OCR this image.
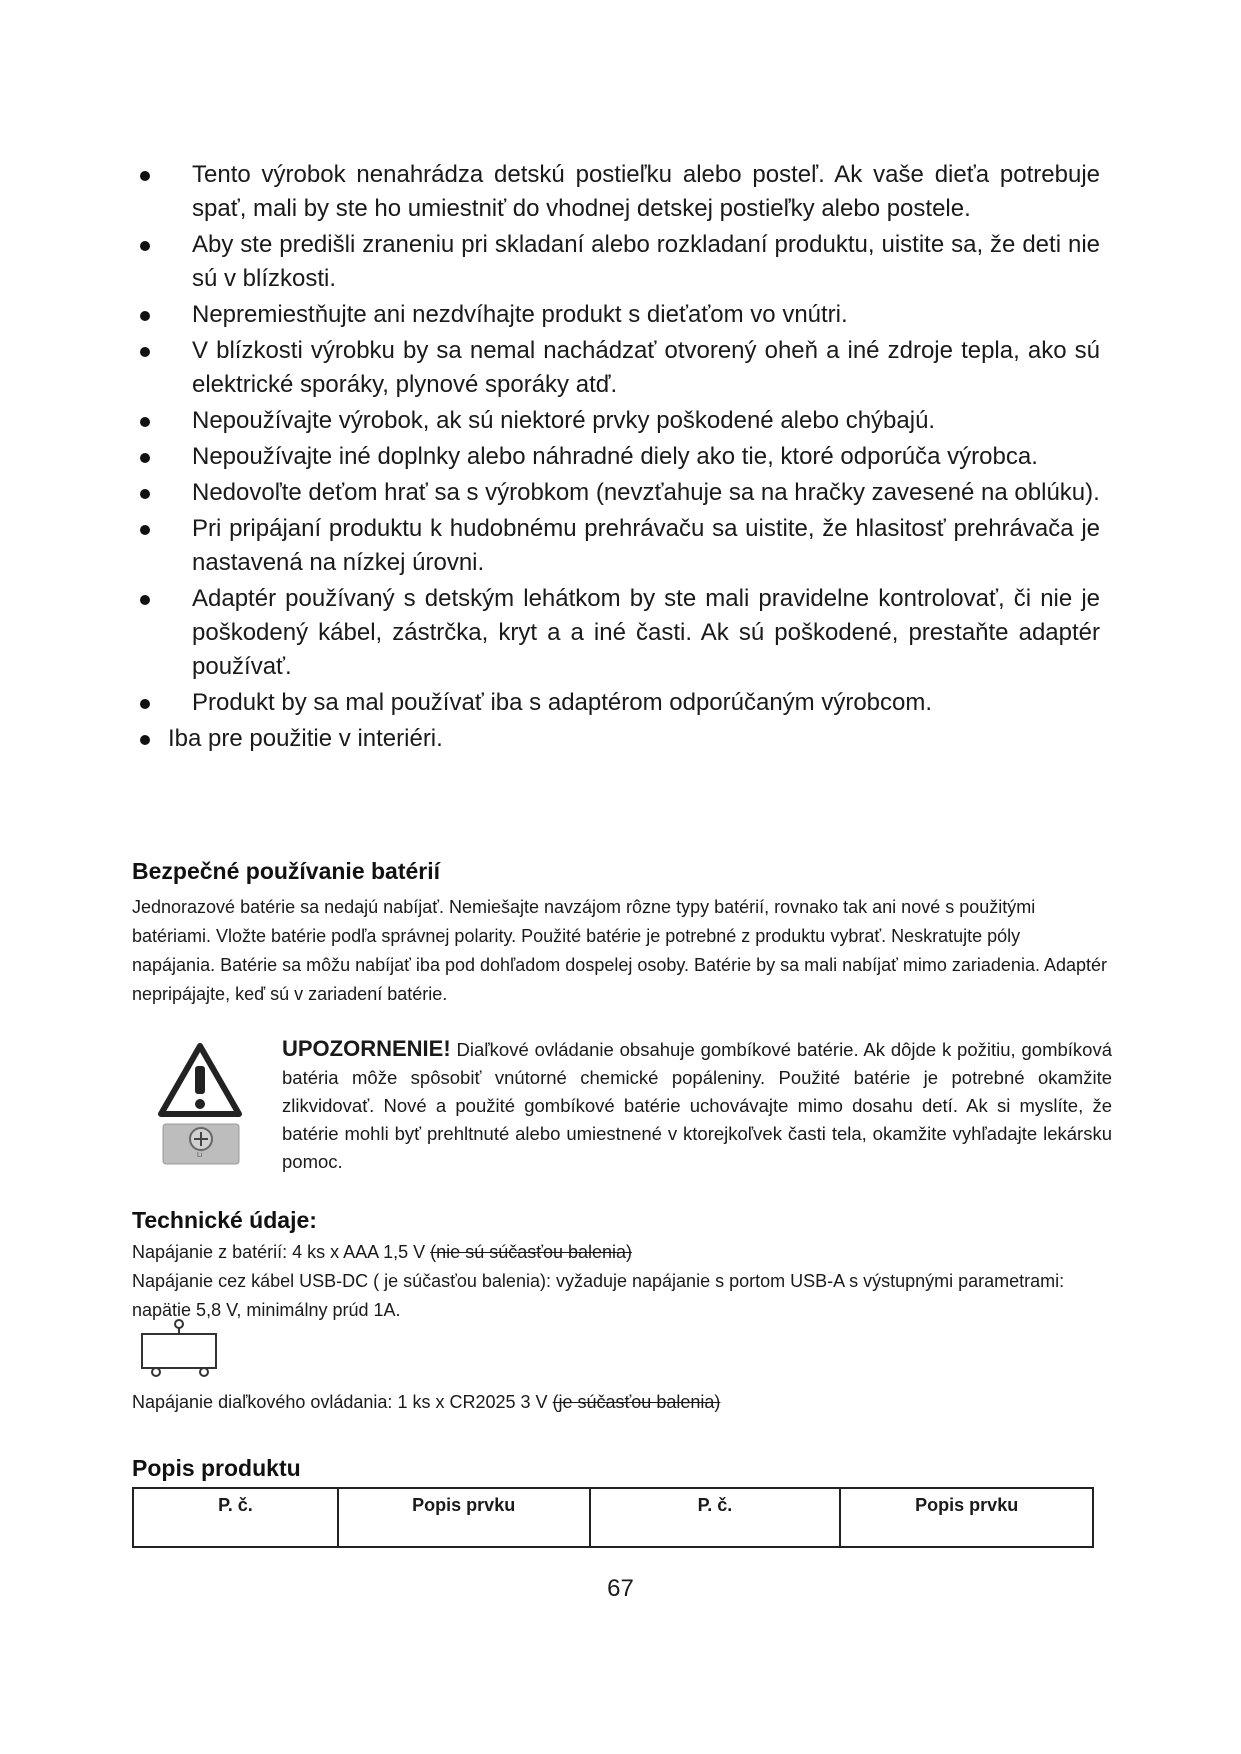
Tento výrobok nenahrádza detskú postieľku alebo posteľ. Ak vaše dieťa potrebuje spať, mali by ste ho umiestniť do vhodnej detskej postieľky alebo postele.
Aby ste predišli zraneniu pri skladaní alebo rozkladaní produktu, uistite sa, že deti nie sú v blízkosti.
Nepremiestňujte ani nezdvíhajte produkt s dieťaťom vo vnútri.
V blízkosti výrobku by sa nemal nachádzať otvorený oheň a iné zdroje tepla, ako sú elektrické sporáky, plynové sporáky atď.
Nepoužívajte výrobok, ak sú niektoré prvky poškodené alebo chýbajú.
Nepoužívajte iné doplnky alebo náhradné diely ako tie, ktoré odporúča výrobca.
Nedovoľte deťom hrať sa s výrobkom (nevzťahuje sa na hračky zavesené na oblúku).
Pri pripájaní produktu k hudobnému prehrávaču sa uistite, že hlasitosť prehrávača je nastavená na nízkej úrovni.
Adaptér používaný s detským lehátkom by ste mali pravidelne kontrolovať, či nie je poškodený kábel, zástrčka, kryt a a iné časti. Ak sú poškodené, prestaňte adaptér používať.
Produkt by sa mal používať iba s adaptérom odporúčaným výrobcom.
Iba pre použitie v interiéri.
Bezpečné používanie batérií

Jednorazové batérie sa nedajú nabíjať. Nemiešajte navzájom rôzne typy batérií, rovnako tak ani nové s použitými batériami. Vložte batérie podľa správnej polarity. Použité batérie je potrebné z produktu vybrať. Neskratujte póly napájania. Batérie sa môžu nabíjať iba pod dohľadom dospelej osoby. Batérie by sa mali nabíjať mimo zariadenia. Adaptér nepripájajte, keď sú v zariadení batérie.

Li

UPOZORNENIE! Diaľkové ovládanie obsahuje gombíkové batérie. Ak dôjde k požitiu, gombíková batéria môže spôsobiť vnútorné chemické popáleniny. Použité batérie je potrebné okamžite zlikvidovať. Nové a použité gombíkové batérie uchovávajte mimo dosahu detí. Ak si myslíte, že batérie mohli byť prehltnuté alebo umiestnené v ktorejkoľvek časti tela, okamžite vyhľadajte lekársku pomoc.

Technické údaje:

Napájanie z batérií: 4 ks x AAA 1,5 V (nie sú súčasťou balenia)

Napájanie cez kábel USB-DC ( je súčasťou balenia): vyžaduje napájanie s portom USB-A s výstupnými parametrami: napätie 5,8 V, minimálny prúd 1A.

Napájanie diaľkového ovládania: 1 ks x CR2025 3 V (je súčasťou balenia)

Popis produktu
P. č.	Popis prvku	P. č.	Popis prvku

67
